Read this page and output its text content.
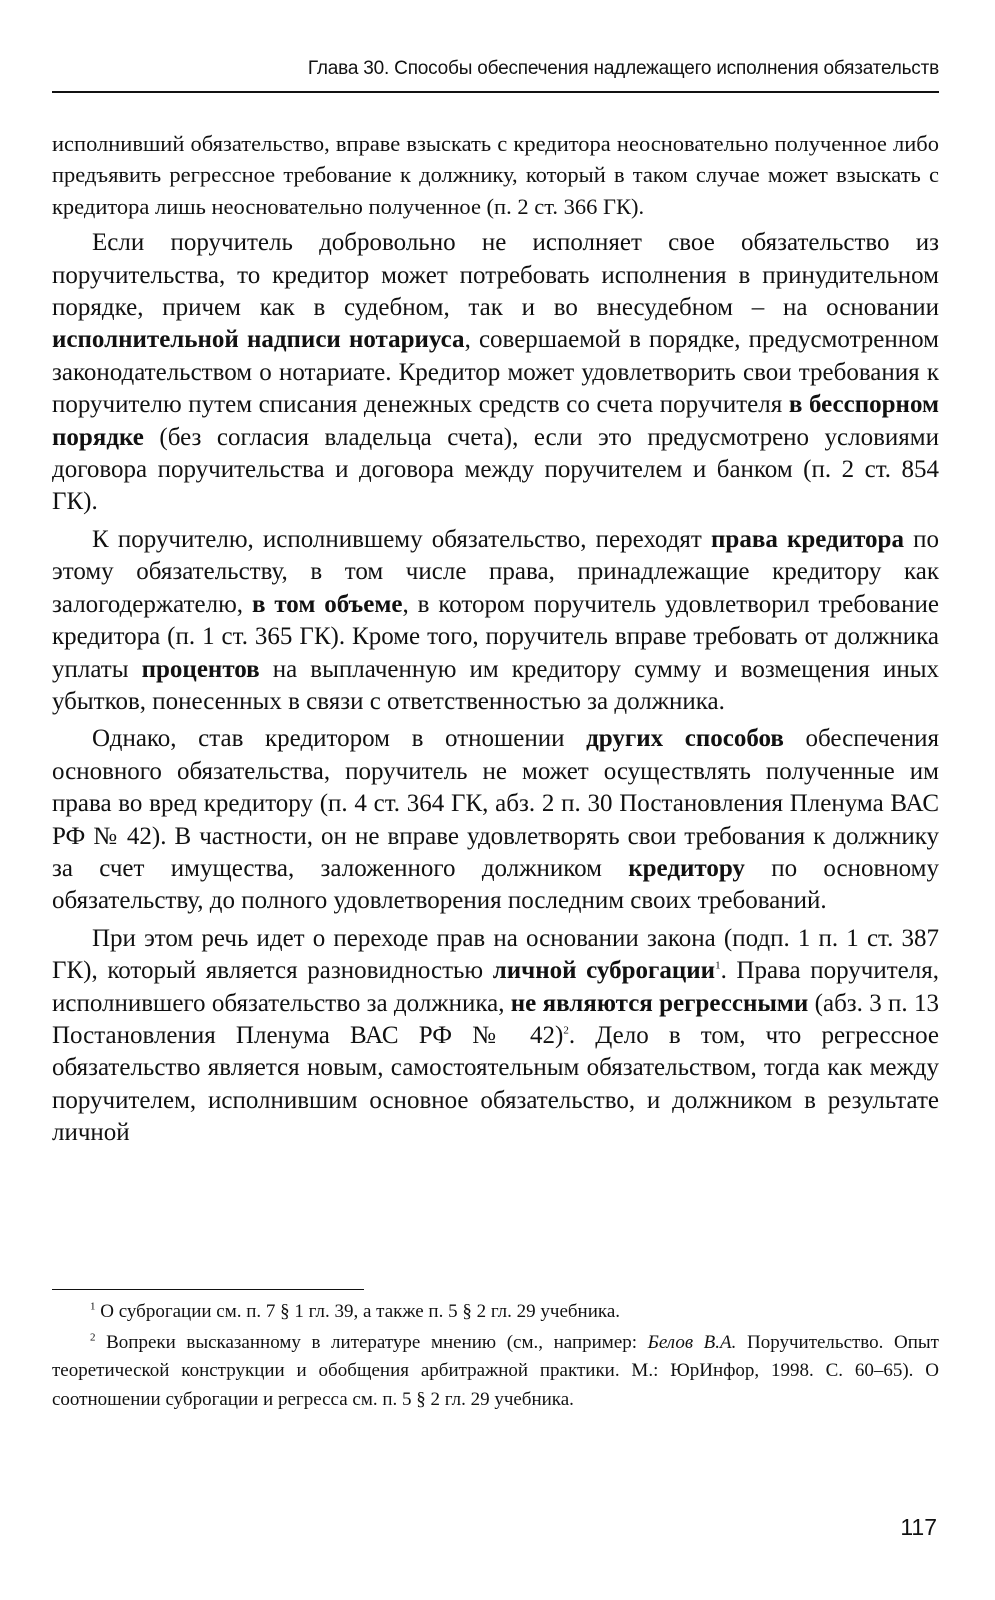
Глава 30. Способы обеспечения надлежащего исполнения обязательств

исполнивший обязательство, вправе взыскать с кредитора неосновательно полученное либо предъявить регрессное требование к должнику, который в таком случае может взыскать с кредитора лишь неосновательно полученное (п. 2 ст. 366 ГК).

Если поручитель добровольно не исполняет свое обязательство из поручительства, то кредитор может потребовать исполнения в принудительном порядке, причем как в судебном, так и во внесудебном – на основании исполнительной надписи нотариуса, совершаемой в порядке, предусмотренном законодательством о нотариате. Кредитор может удовлетворить свои требования к поручителю путем списания денежных средств со счета поручителя в бесспорном порядке (без согласия владельца счета), если это предусмотрено условиями договора поручительства и договора между поручителем и банком (п. 2 ст. 854 ГК).

К поручителю, исполнившему обязательство, переходят права кредитора по этому обязательству, в том числе права, принадлежащие кредитору как залогодержателю, в том объеме, в котором поручитель удовлетворил требование кредитора (п. 1 ст. 365 ГК). Кроме того, поручитель вправе требовать от должника уплаты процентов на выплаченную им кредитору сумму и возмещения иных убытков, понесенных в связи с ответственностью за должника.

Однако, став кредитором в отношении других способов обеспечения основного обязательства, поручитель не может осуществлять полученные им права во вред кредитору (п. 4 ст. 364 ГК, абз. 2 п. 30 Постановления Пленума ВАС РФ № 42). В частности, он не вправе удовлетворять свои требования к должнику за счет имущества, заложенного должником кредитору по основному обязательству, до полного удовлетворения последним своих требований.

При этом речь идет о переходе прав на основании закона (подп. 1 п. 1 ст. 387 ГК), который является разновидностью личной суброгации$^1$. Права поручителя, исполнившего обязательство за должника, не являются регрессными (абз. 3 п. 13 Постановления Пленума ВАС РФ № 42)$^2$. Дело в том, что регрессное обязательство является новым, самостоятельным обязательством, тогда как между поручителем, исполнившим основное обязательство, и должником в результате личной

$^1$ О суброгации см. п. 7 § 1 гл. 39, а также п. 5 § 2 гл. 29 учебника.

$^2$ Вопреки высказанному в литературе мнению (см., например: Белов В.А. Поручительство. Опыт теоретической конструкции и обобщения арбитражной практики. М.: ЮрИнфор, 1998. С. 60–65). О соотношении суброгации и регресса см. п. 5 § 2 гл. 29 учебника.

117
